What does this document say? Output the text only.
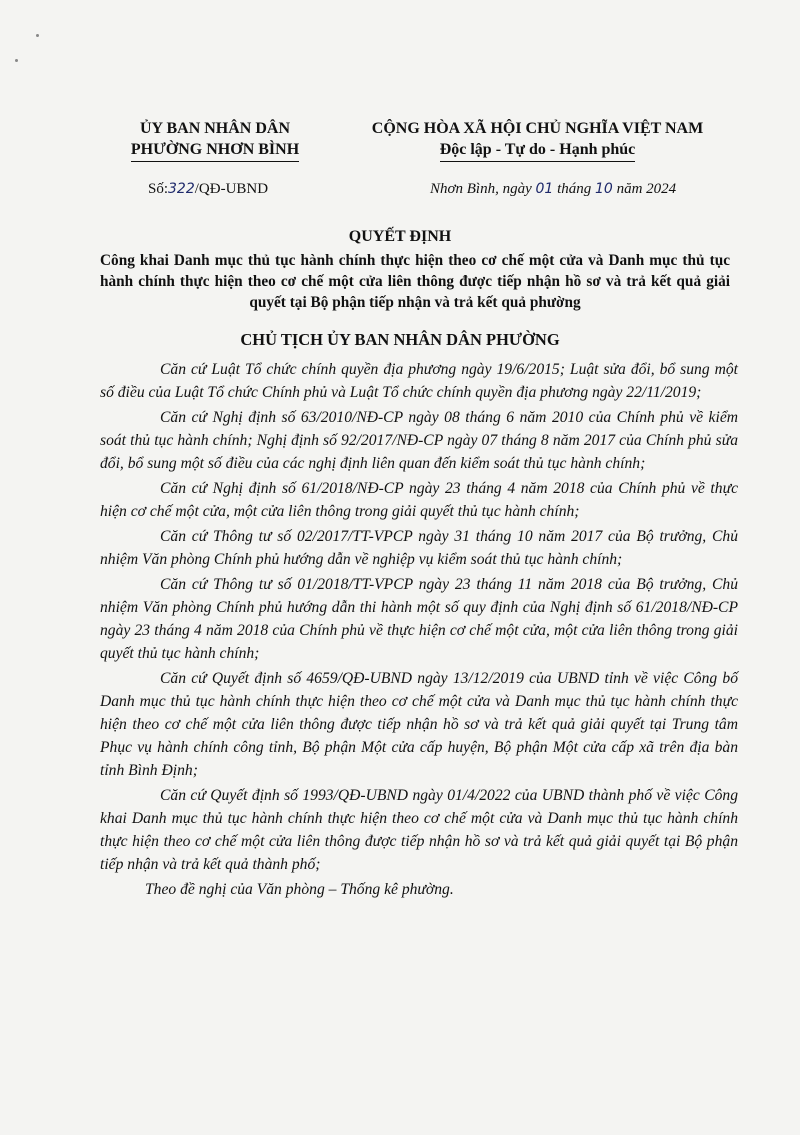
ỦY BAN NHÂN DÂN
PHƯỜNG NHƠN BÌNH
CỘNG HÒA XÃ HỘI CHỦ NGHĨA VIỆT NAM
Độc lập - Tự do - Hạnh phúc
Số:322/QĐ-UBND	Nhơn Bình, ngày 01 tháng 10 năm 2024
QUYẾT ĐỊNH
Công khai Danh mục thủ tục hành chính thực hiện theo cơ chế một cửa và Danh mục thủ tục hành chính thực hiện theo cơ chế một cửa liên thông được tiếp nhận hồ sơ và trả kết quả giải quyết tại Bộ phận tiếp nhận và trả kết quả phường
CHỦ TỊCH ỦY BAN NHÂN DÂN PHƯỜNG

Căn cứ Luật Tổ chức chính quyền địa phương ngày 19/6/2015; Luật sửa đổi, bổ sung một số điều của Luật Tổ chức Chính phủ và Luật Tổ chức chính quyền địa phương ngày 22/11/2019;

Căn cứ Nghị định số 63/2010/NĐ-CP ngày 08 tháng 6 năm 2010 của Chính phủ về kiểm soát thủ tục hành chính; Nghị định số 92/2017/NĐ-CP ngày 07 tháng 8 năm 2017 của Chính phủ sửa đổi, bổ sung một số điều của các nghị định liên quan đến kiểm soát thủ tục hành chính;

Căn cứ Nghị định số 61/2018/NĐ-CP ngày 23 tháng 4 năm 2018 của Chính phủ về thực hiện cơ chế một cửa, một cửa liên thông trong giải quyết thủ tục hành chính;

Căn cứ Thông tư số 02/2017/TT-VPCP ngày 31 tháng 10 năm 2017 của Bộ trưởng, Chủ nhiệm Văn phòng Chính phủ hướng dẫn về nghiệp vụ kiểm soát thủ tục hành chính;

Căn cứ Thông tư số 01/2018/TT-VPCP ngày 23 tháng 11 năm 2018 của Bộ trưởng, Chủ nhiệm Văn phòng Chính phủ hướng dẫn thi hành một số quy định của Nghị định số 61/2018/NĐ-CP ngày 23 tháng 4 năm 2018 của Chính phủ về thực hiện cơ chế một cửa, một cửa liên thông trong giải quyết thủ tục hành chính;

Căn cứ Quyết định số 4659/QĐ-UBND ngày 13/12/2019 của UBND tỉnh về việc Công bố Danh mục thủ tục hành chính thực hiện theo cơ chế một cửa và Danh mục thủ tục hành chính thực hiện theo cơ chế một cửa liên thông được tiếp nhận hồ sơ và trả kết quả giải quyết tại Trung tâm Phục vụ hành chính công tỉnh, Bộ phận Một cửa cấp huyện, Bộ phận Một cửa cấp xã trên địa bàn tỉnh Bình Định;

Căn cứ Quyết định số 1993/QĐ-UBND ngày 01/4/2022 của UBND thành phố về việc Công khai Danh mục thủ tục hành chính thực hiện theo cơ chế một cửa và Danh mục thủ tục hành chính thực hiện theo cơ chế một cửa liên thông được tiếp nhận hồ sơ và trả kết quả giải quyết tại Bộ phận tiếp nhận và trả kết quả thành phố;

Theo đề nghị của Văn phòng – Thống kê phường.
